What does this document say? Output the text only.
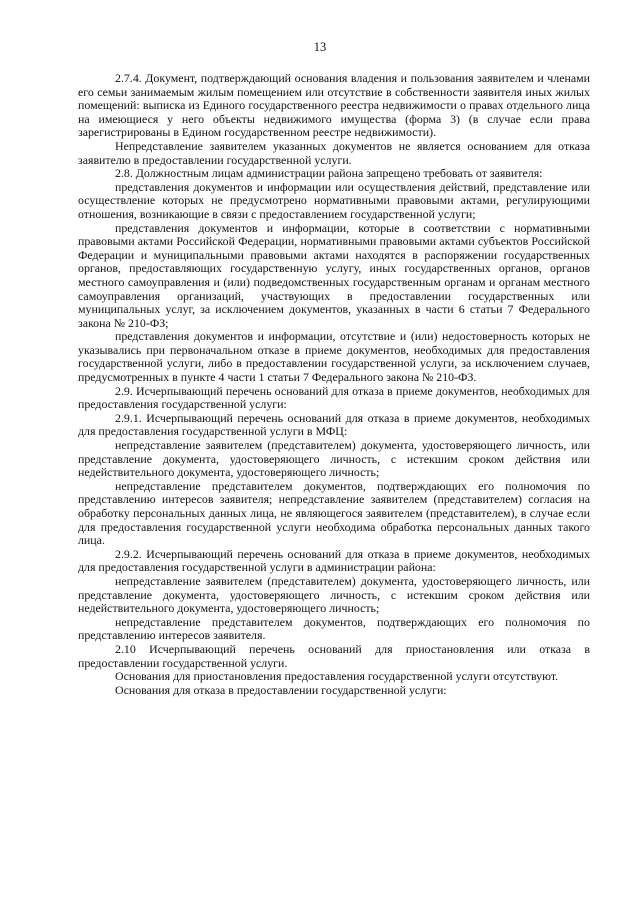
13

2.7.4. Документ, подтверждающий основания владения и пользования заявителем и членами его семьи занимаемым жилым помещением или отсутствие в собственности заявителя иных жилых помещений: выписка из Единого государственного реестра недвижимости о правах отдельного лица на имеющиеся у него объекты недвижимого имущества (форма 3) (в случае если права зарегистрированы в Едином государственном реестре недвижимости).

Непредставление заявителем указанных документов не является основанием для отказа заявителю в предоставлении государственной услуги.

2.8. Должностным лицам администрации района запрещено требовать от заявителя:

представления документов и информации или осуществления действий, представление или осуществление которых не предусмотрено нормативными правовыми актами, регулирующими отношения, возникающие в связи с предоставлением государственной услуги;

представления документов и информации, которые в соответствии с нормативными правовыми актами Российской Федерации, нормативными правовыми актами субъектов Российской Федерации и муниципальными правовыми актами находятся в распоряжении государственных органов, предоставляющих государственную услугу, иных государственных органов, органов местного самоуправления и (или) подведомственных государственным органам и органам местного самоуправления организаций, участвующих в предоставлении государственных или муниципальных услуг, за исключением документов, указанных в части 6 статьи 7 Федерального закона № 210-ФЗ;

представления документов и информации, отсутствие и (или) недостоверность которых не указывались при первоначальном отказе в приеме документов, необходимых для предоставления государственной услуги, либо в предоставлении государственной услуги, за исключением случаев, предусмотренных в пункте 4 части 1 статьи 7 Федерального закона № 210-ФЗ.

2.9. Исчерпывающий перечень оснований для отказа в приеме документов, необходимых для предоставления государственной услуги:

2.9.1. Исчерпывающий перечень оснований для отказа в приеме документов, необходимых для предоставления государственной услуги в МФЦ:

непредставление заявителем (представителем) документа, удостоверяющего личность, или представление документа, удостоверяющего личность, с истекшим сроком действия или недействительного документа, удостоверяющего личность;

непредставление представителем документов, подтверждающих его полномочия по представлению интересов заявителя; непредставление заявителем (представителем) согласия на обработку персональных данных лица, не являющегося заявителем (представителем), в случае если для предоставления государственной услуги необходима обработка персональных данных такого лица.

2.9.2. Исчерпывающий перечень оснований для отказа в приеме документов, необходимых для предоставления государственной услуги в администрации района:

непредставление заявителем (представителем) документа, удостоверяющего личность, или представление документа, удостоверяющего личность, с истекшим сроком действия или недействительного документа, удостоверяющего личность;

непредставление представителем документов, подтверждающих его полномочия по представлению интересов заявителя.

2.10 Исчерпывающий перечень оснований для приостановления или отказа в предоставлении государственной услуги.

Основания для приостановления предоставления государственной услуги отсутствуют.

Основания для отказа в предоставлении государственной услуги:
